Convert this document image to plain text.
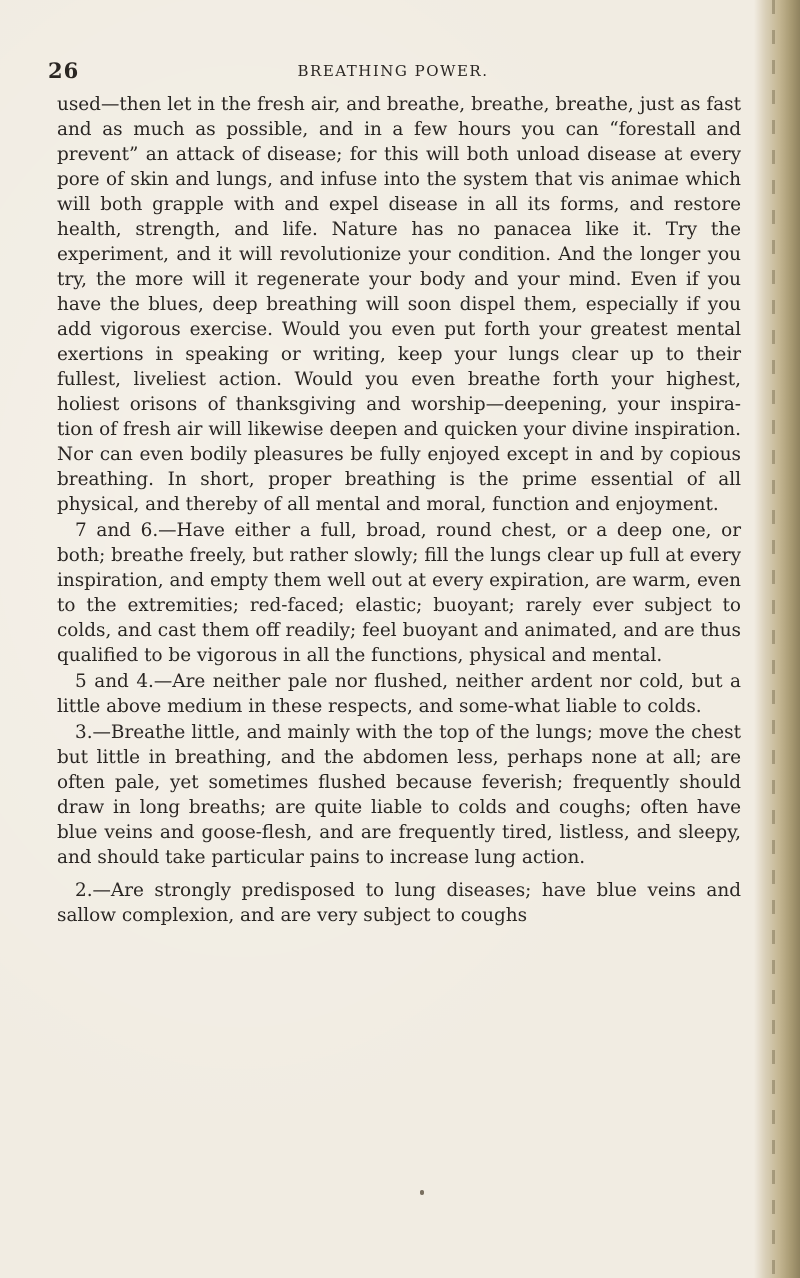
26	BREATHING POWER.

used—then let in the fresh air, and breathe, breathe, breathe, just as fast and as much as possible, and in a few hours you can “forestall and prevent” an attack of disease; for this will both unload disease at every pore of skin and lungs, and infuse into the system that vis animae which will both grapple with and expel disease in all its forms, and restore health, strength, and life. Nature has no panacea like it. Try the experiment, and it will revolutionize your condition. And the longer you try, the more will it regenerate your body and your mind. Even if you have the blues, deep breathing will soon dispel them, especially if you add vigorous exercise. Would you even put forth your greatest mental exertions in speaking or writing, keep your lungs clear up to their fullest, liveliest action. Would you even breathe forth your highest, holiest orisons of thanksgiving and worship—deepening, your inspira-tion of fresh air will likewise deepen and quicken your divine inspiration. Nor can even bodily pleasures be fully enjoyed except in and by copious breathing. In short, proper breathing is the prime essential of all physical, and thereby of all mental and moral, function and enjoyment.

7 and 6.—Have either a full, broad, round chest, or a deep one, or both; breathe freely, but rather slowly; fill the lungs clear up full at every inspiration, and empty them well out at every expiration, are warm, even to the extremities; red-faced; elastic; buoyant; rarely ever subject to colds, and cast them off readily; feel buoyant and animated, and are thus qualified to be vigorous in all the functions, physical and mental.

5 and 4.—Are neither pale nor flushed, neither ardent nor cold, but a little above medium in these respects, and some-what liable to colds.

3.—Breathe little, and mainly with the top of the lungs; move the chest but little in breathing, and the abdomen less, perhaps none at all; are often pale, yet sometimes flushed because feverish; frequently should draw in long breaths; are quite liable to colds and coughs; often have blue veins and goose-flesh, and are frequently tired, listless, and sleepy, and should take particular pains to increase lung action.

2.—Are strongly predisposed to lung diseases; have blue veins and sallow complexion, and are very subject to coughs
